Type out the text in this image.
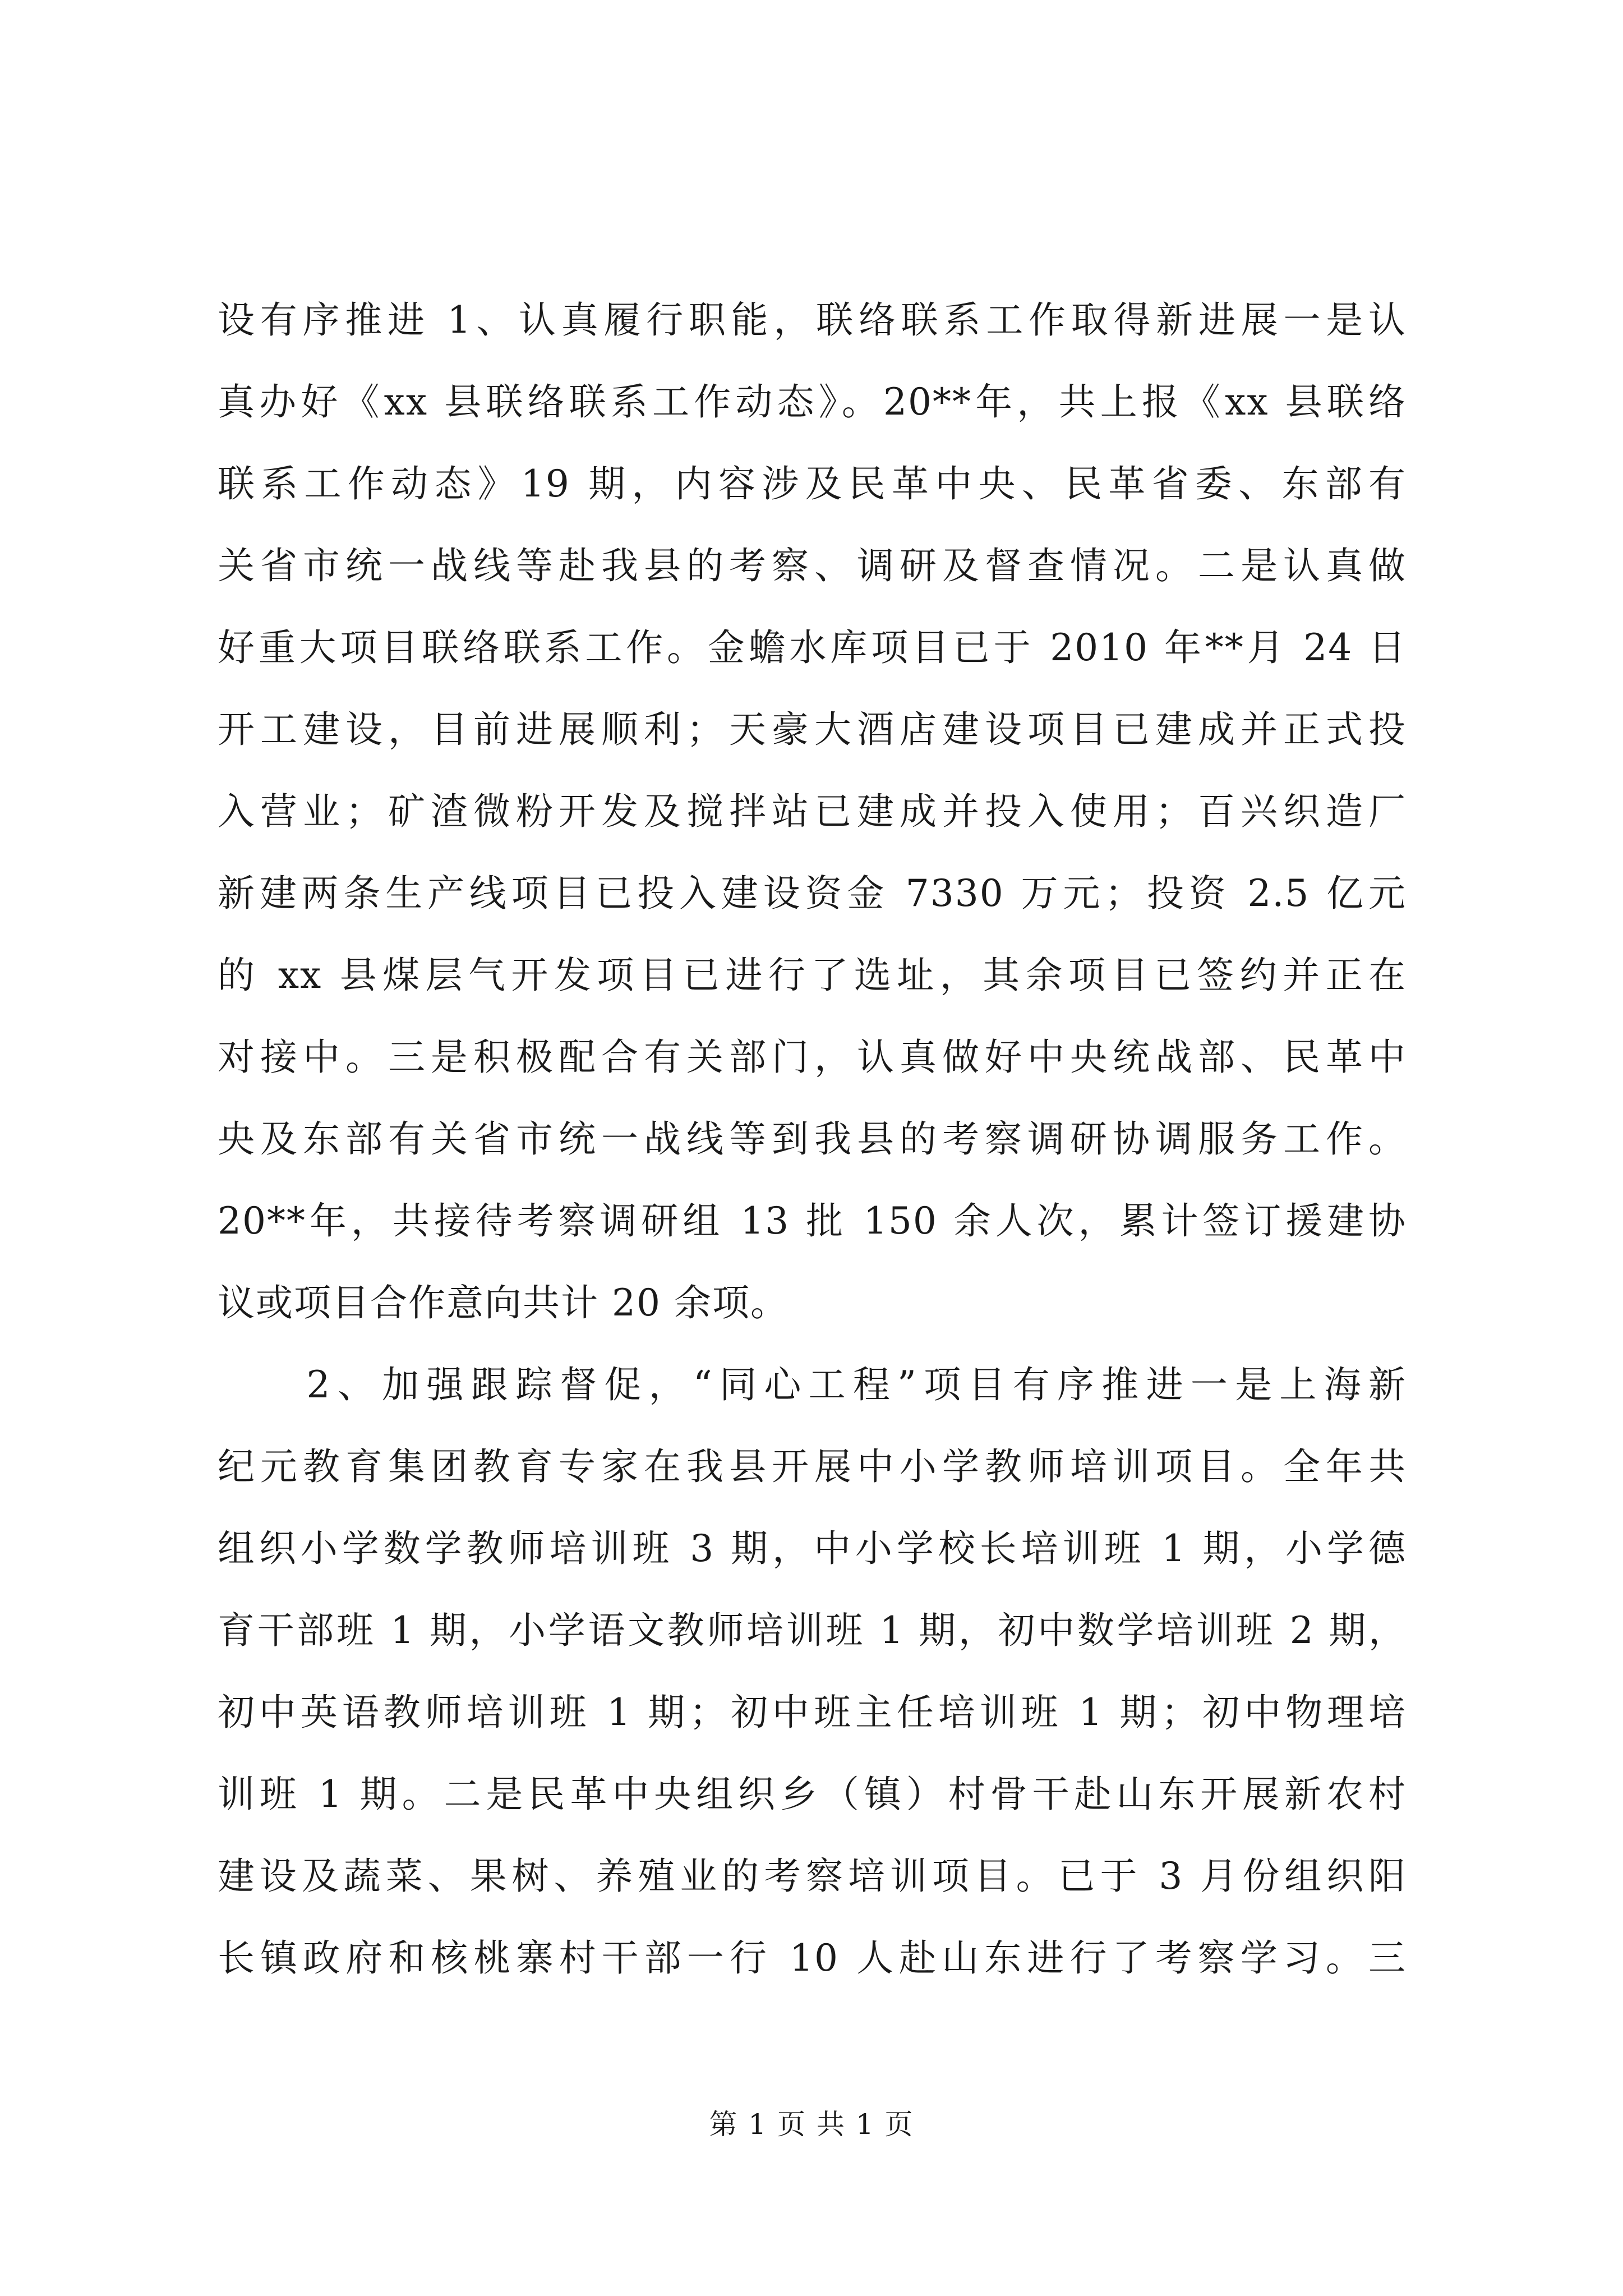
设有序推进 1、认真履行职能，联络联系工作取得新进展一是认
真办好《xx 县联络联系工作动态》。20**年，共上报《xx 县联络
联系工作动态》19 期，内容涉及民革中央、民革省委、东部有
关省市统一战线等赴我县的考察、调研及督查情况。二是认真做
好重大项目联络联系工作。金蟾水库项目已于 2010 年**月 24 日
开工建设，目前进展顺利；天豪大酒店建设项目已建成并正式投
入营业；矿渣微粉开发及搅拌站已建成并投入使用；百兴织造厂
新建两条生产线项目已投入建设资金 7330 万元；投资 2.5 亿元
的 xx 县煤层气开发项目已进行了选址，其余项目已签约并正在
对接中。三是积极配合有关部门，认真做好中央统战部、民革中
央及东部有关省市统一战线等到我县的考察调研协调服务工作。
20**年，共接待考察调研组 13 批 150 余人次，累计签订援建协
议或项目合作意向共计 20 余项。
　　2、加强跟踪督促，“同心工程”项目有序推进一是上海新
纪元教育集团教育专家在我县开展中小学教师培训项目。全年共
组织小学数学教师培训班 3 期，中小学校长培训班 1 期，小学德
育干部班 1 期，小学语文教师培训班 1 期，初中数学培训班 2 期，
初中英语教师培训班 1 期；初中班主任培训班 1 期；初中物理培
训班 1 期。二是民革中央组织乡（镇）村骨干赴山东开展新农村
建设及蔬菜、果树、养殖业的考察培训项目。已于 3 月份组织阳
长镇政府和核桃寨村干部一行 10 人赴山东进行了考察学习。三
第 1 页 共 1 页
